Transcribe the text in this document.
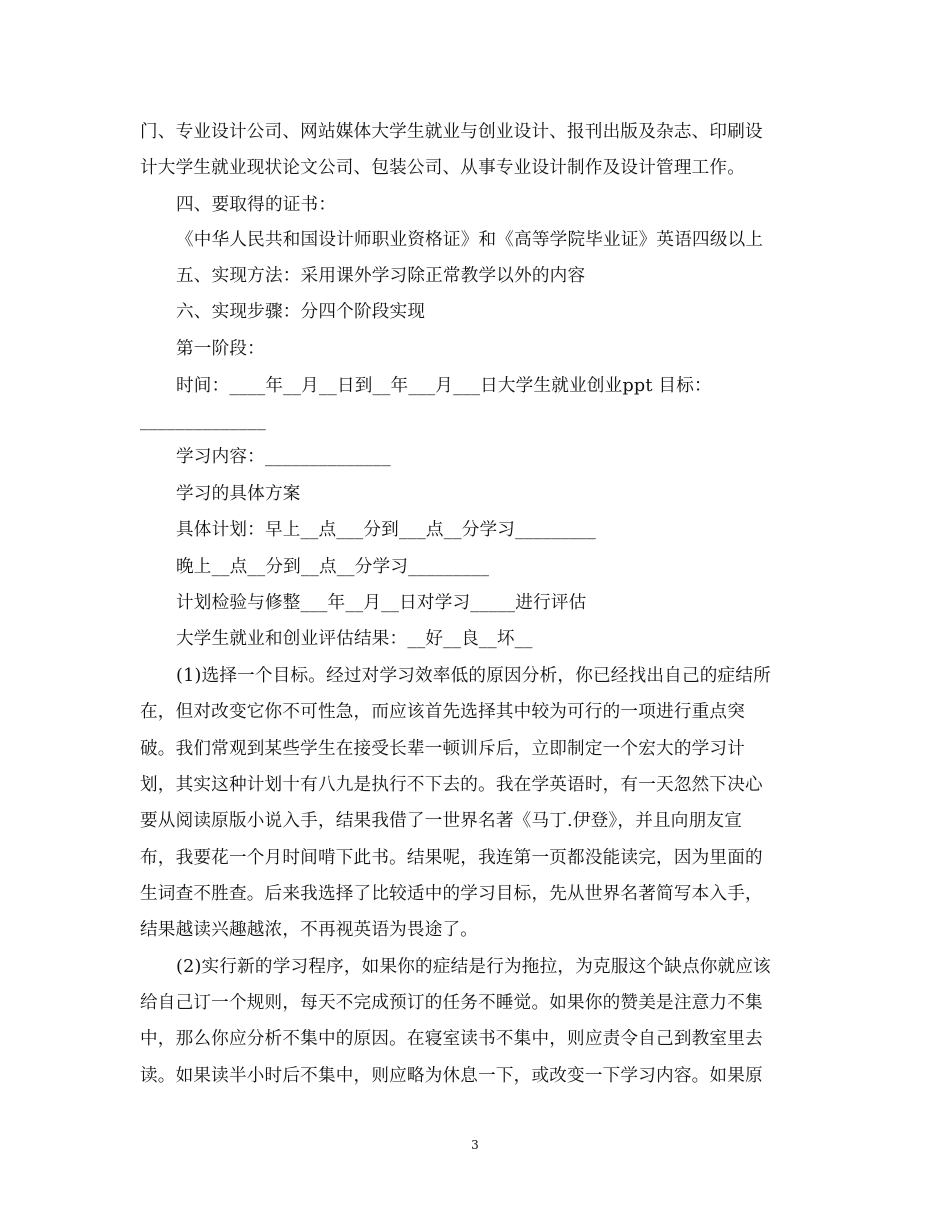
门、专业设计公司、网站媒体大学生就业与创业设计、报刊出版及杂志、印刷设
计大学生就业现状论文公司、包装公司、从事专业设计制作及设计管理工作。
四、要取得的证书：
《中华人民共和国设计师职业资格证》和《高等学院毕业证》英语四级以上
五、实现方法：采用课外学习除正常教学以外的内容
六、实现步骤：分四个阶段实现
第一阶段：
时间：____年__月__日到__年___月___日大学生就业创业ppt 目标：
______________
学习内容：______________
学习的具体方案
具体计划：早上__点___分到___点__分学习_________
晚上__点__分到__点__分学习_________
计划检验与修整___年__月__日对学习_____进行评估
大学生就业和创业评估结果：__好__良__坏__
(1)选择一个目标。经过对学习效率低的原因分析，你已经找出自己的症结所
在，但对改变它你不可性急，而应该首先选择其中较为可行的一项进行重点突
破。我们常观到某些学生在接受长辈一顿训斥后，立即制定一个宏大的学习计
划，其实这种计划十有八九是执行不下去的。我在学英语时，有一天忽然下决心
要从阅读原版小说入手，结果我借了一世界名著《马丁.伊登》，并且向朋友宣
布，我要花一个月时间啃下此书。结果呢，我连第一页都没能读完，因为里面的
生词查不胜查。后来我选择了比较适中的学习目标，先从世界名著简写本入手，
结果越读兴趣越浓，不再视英语为畏途了。
(2)实行新的学习程序，如果你的症结是行为拖拉，为克服这个缺点你就应该
给自己订一个规则，每天不完成预订的任务不睡觉。如果你的赞美是注意力不集
中，那么你应分析不集中的原因。在寝室读书不集中，则应责令自己到教室里去
读。如果读半小时后不集中，则应略为休息一下，或改变一下学习内容。如果原
3
